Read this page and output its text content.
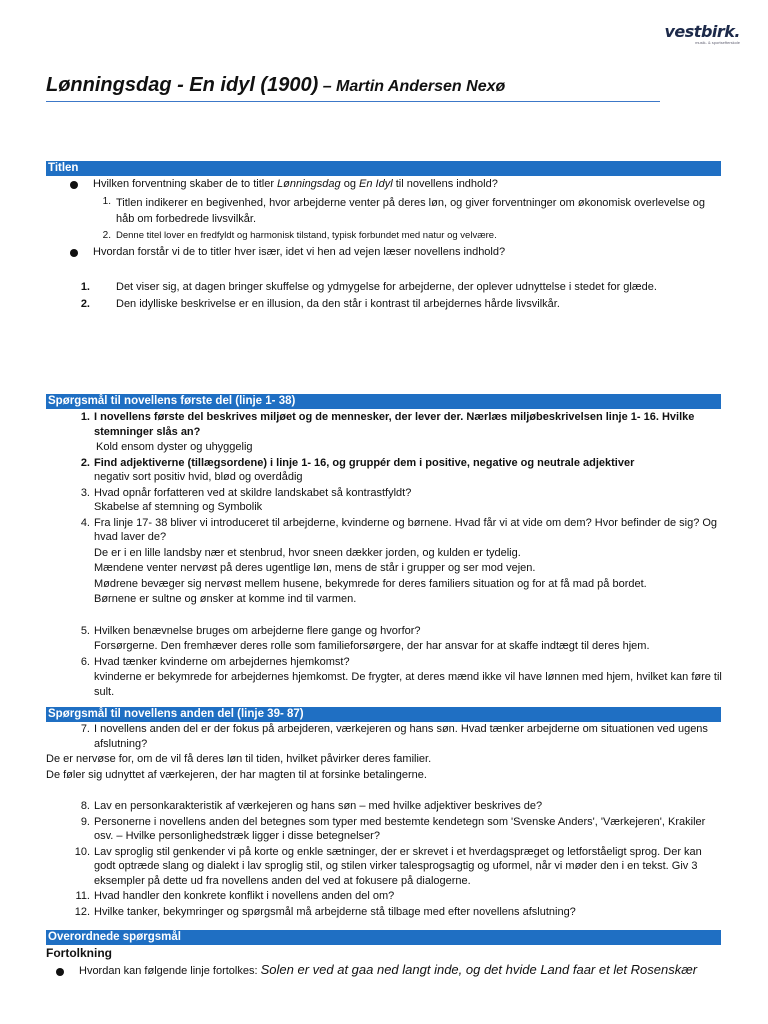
vestbirk.
musik- & sportsefterskole
Lønningsdag - En idyl (1900) – Martin Andersen Nexø
Titlen
Hvilken forventning skaber de to titler Lønningsdag og En Idyl til novellens indhold?
1. Titlen indikerer en begivenhed, hvor arbejderne venter på deres løn, og giver forventninger om økonomisk overlevelse og håb om forbedrede livsvilkår.
2. Denne titel lover en fredfyldt og harmonisk tilstand, typisk forbundet med natur og velvære.
Hvordan forstår vi de to titler hver især, idet vi hen ad vejen læser novellens indhold?
1.	Det viser sig, at dagen bringer skuffelse og ydmygelse for arbejderne, der oplever udnyttelse i stedet for glæde.
2.	Den idylliske beskrivelse er en illusion, da den står i kontrast til arbejdernes hårde livsvilkår.
Spørgsmål til novellens første del (linje 1- 38)
1. I novellens første del beskrives miljøet og de mennesker, der lever der. Nærlæs miljøbeskrivelsen linje 1- 16. Hvilke stemninger slås an?
Kold ensom dyster og uhyggelig
2. Find adjektiverne (tillægsordene) i linje 1- 16, og gruppér dem i positive, negative og neutrale adjektiver
negativ sort positiv hvid, blød og overdådig
3. Hvad opnår forfatteren ved at skildre landskabet så kontrastfyldt?
Skabelse af stemning og Symbolik
4. Fra linje 17- 38 bliver vi introduceret til arbejderne, kvinderne og børnene. Hvad får vi at vide om dem? Hvor befinder de sig? Og hvad laver de?
De er i en lille landsby nær et stenbrud, hvor sneen dækker jorden, og kulden er tydelig.
Mændene venter nervøst på deres ugentlige løn, mens de står i grupper og ser mod vejen.
Mødrene bevæger sig nervøst mellem husene, bekymrede for deres familiers situation og for at få mad på bordet.
Børnene er sultne og ønsker at komme ind til varmen.
5. Hvilken benævnelse bruges om arbejderne flere gange og hvorfor?
Forsørgerne. Den fremhæver deres rolle som familieforsørgere, der har ansvar for at skaffe indtægt til deres hjem.
6. Hvad tænker kvinderne om arbejdernes hjemkomst?
kvinderne er bekymrede for arbejdernes hjemkomst. De frygter, at deres mænd ikke vil have lønnen med hjem, hvilket kan føre til sult.
Spørgsmål til novellens anden del (linje 39- 87)
7. I novellens anden del er der fokus på arbejderen, værkejeren og hans søn. Hvad tænker arbejderne om situationen ved ugens afslutning?
De er nervøse for, om de vil få deres løn til tiden, hvilket påvirker deres familier.
De føler sig udnyttet af værkejeren, der har magten til at forsinke betalingerne.
8. Lav en personkarakteristik af værkejeren og hans søn – med hvilke adjektiver beskrives de?
9. Personerne i novellens anden del betegnes som typer med bestemte kendetegn som 'Svenske Anders', 'Værkejeren', Krakiler osv. – Hvilke personlighedstræk ligger i disse betegnelser?
10. Lav sproglig stil genkender vi på korte og enkle sætninger, der er skrevet i et hverdagspræget og letforståeligt sprog. Der kan godt optræde slang og dialekt i lav sproglig stil, og stilen virker talesprogsagtig og uformel, når vi møder den i en tekst. Giv 3 eksempler på dette ud fra novellens anden del ved at fokusere på dialogerne.
11. Hvad handler den konkrete konflikt i novellens anden del om?
12. Hvilke tanker, bekymringer og spørgsmål må arbejderne stå tilbage med efter novellens afslutning?
Overordnede spørgsmål
Fortolkning
Hvordan kan følgende linje fortolkes: Solen er ved at gaa ned langt inde, og det hvide Land faar et let Rosenskær
